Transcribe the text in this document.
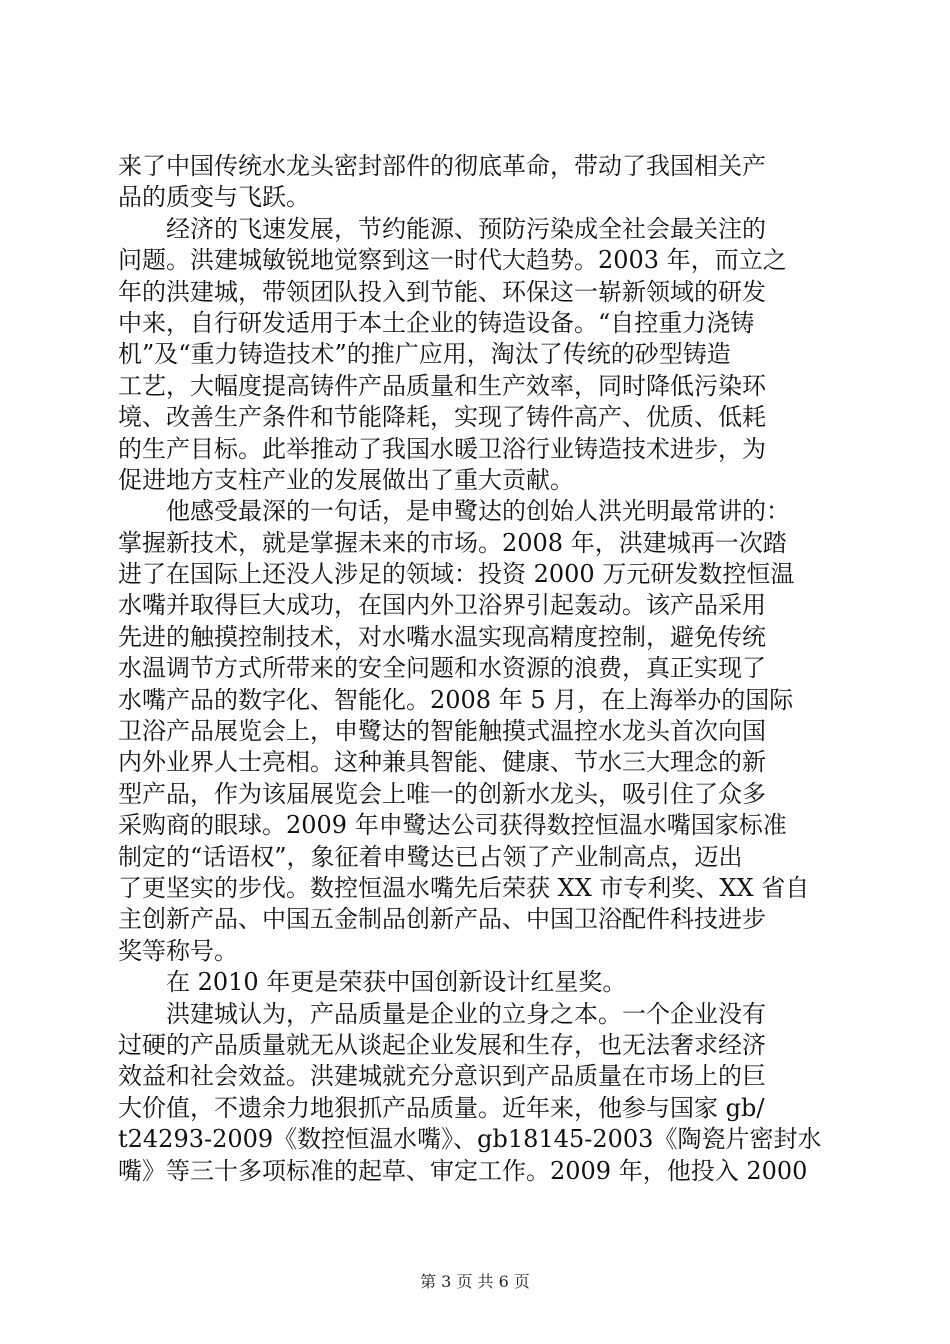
来了中国传统水龙头密封部件的彻底革命，带动了我国相关产
品的质变与飞跃。
　　经济的飞速发展，节约能源、预防污染成全社会最关注的
问题。洪建城敏锐地觉察到这一时代大趋势。2003 年，而立之
年的洪建城，带领团队投入到节能、环保这一崭新领域的研发
中来，自行研发适用于本土企业的铸造设备。“自控重力浇铸
机”及“重力铸造技术”的推广应用，淘汰了传统的砂型铸造
工艺，大幅度提高铸件产品质量和生产效率，同时降低污染环
境、改善生产条件和节能降耗，实现了铸件高产、优质、低耗
的生产目标。此举推动了我国水暖卫浴行业铸造技术进步，为
促进地方支柱产业的发展做出了重大贡献。
　　他感受最深的一句话，是申鹭达的创始人洪光明最常讲的：
掌握新技术，就是掌握未来的市场。2008 年，洪建城再一次踏
进了在国际上还没人涉足的领域：投资 2000 万元研发数控恒温
水嘴并取得巨大成功，在国内外卫浴界引起轰动。该产品采用
先进的触摸控制技术，对水嘴水温实现高精度控制，避免传统
水温调节方式所带来的安全问题和水资源的浪费，真正实现了
水嘴产品的数字化、智能化。2008 年 5 月，在上海举办的国际
卫浴产品展览会上，申鹭达的智能触摸式温控水龙头首次向国
内外业界人士亮相。这种兼具智能、健康、节水三大理念的新
型产品，作为该届展览会上唯一的创新水龙头，吸引住了众多
采购商的眼球。2009 年申鹭达公司获得数控恒温水嘴国家标准
制定的“话语权”，象征着申鹭达已占领了产业制高点，迈出
了更坚实的步伐。数控恒温水嘴先后荣获 XX 市专利奖、XX 省自
主创新产品、中国五金制品创新产品、中国卫浴配件科技进步
奖等称号。
　　在 2010 年更是荣获中国创新设计红星奖。
　　洪建城认为，产品质量是企业的立身之本。一个企业没有
过硬的产品质量就无从谈起企业发展和生存，也无法奢求经济
效益和社会效益。洪建城就充分意识到产品质量在市场上的巨
大价值，不遗余力地狠抓产品质量。近年来，他参与国家 gb/
t24293-2009《数控恒温水嘴》、gb18145-2003《陶瓷片密封水
嘴》等三十多项标准的起草、审定工作。2009 年，他投入 2000
第 3 页 共 6 页
